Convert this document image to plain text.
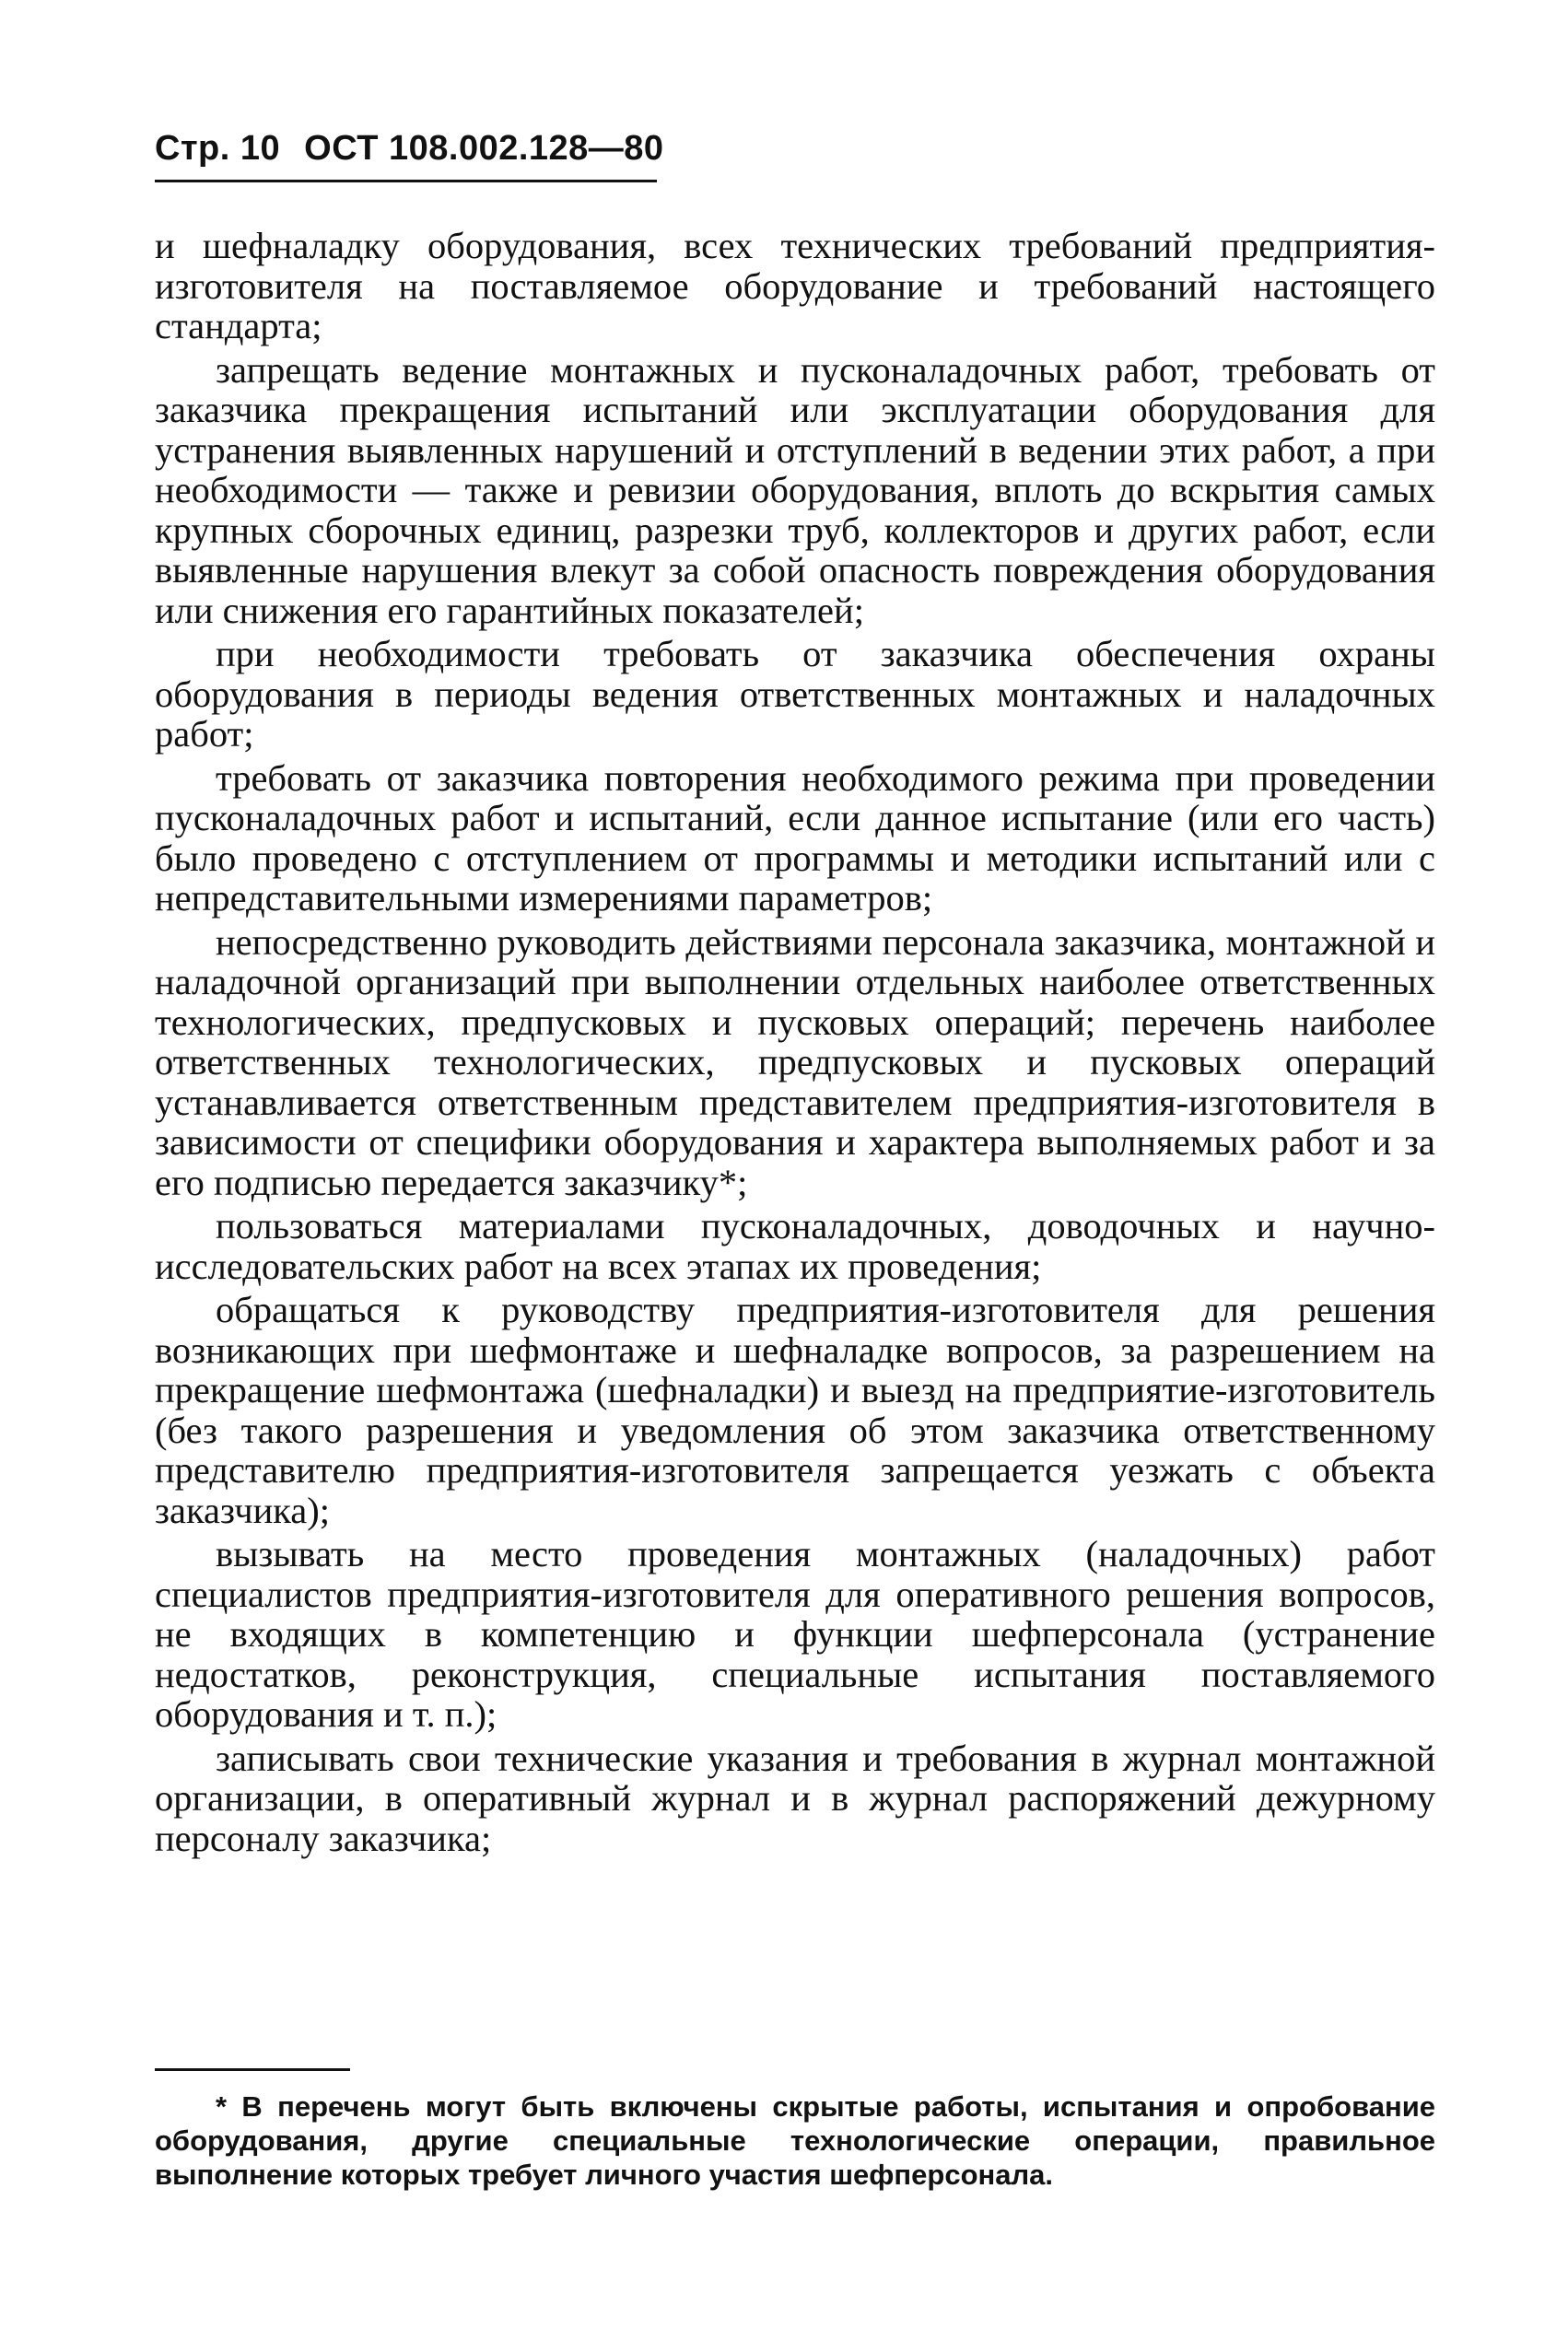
Стр. 10 ОСТ 108.002.128—80

и шефналадку оборудования, всех технических требований предприятия-изготовителя на поставляемое оборудование и требований настоящего стандарта;

запрещать ведение монтажных и пусконаладочных работ, требовать от заказчика прекращения испытаний или эксплуатации оборудования для устранения выявленных нарушений и отступлений в ведении этих работ, а при необходимости — также и ревизии оборудования, вплоть до вскрытия самых крупных сборочных единиц, разрезки труб, коллекторов и других работ, если выявленные нарушения влекут за собой опасность повреждения оборудования или снижения его гарантийных показателей;

при необходимости требовать от заказчика обеспечения охраны оборудования в периоды ведения ответственных монтажных и наладочных работ;

требовать от заказчика повторения необходимого режима при проведении пусконаладочных работ и испытаний, если данное испытание (или его часть) было проведено с отступлением от программы и методики испытаний или с непредставительными измерениями параметров;

непосредственно руководить действиями персонала заказчика, монтажной и наладочной организаций при выполнении отдельных наиболее ответственных технологических, предпусковых и пусковых операций; перечень наиболее ответственных технологических, предпусковых и пусковых операций устанавливается ответственным представителем предприятия-изготовителя в зависимости от специфики оборудования и характера выполняемых работ и за его подписью передается заказчику*;

пользоваться материалами пусконаладочных, доводочных и научно-исследовательских работ на всех этапах их проведения;

обращаться к руководству предприятия-изготовителя для решения возникающих при шефмонтаже и шефналадке вопросов, за разрешением на прекращение шефмонтажа (шефналадки) и выезд на предприятие-изготовитель (без такого разрешения и уведомления об этом заказчика ответственному представителю предприятия-изготовителя запрещается уезжать с объекта заказчика);

вызывать на место проведения монтажных (наладочных) работ специалистов предприятия-изготовителя для оперативного решения вопросов, не входящих в компетенцию и функции шефперсонала (устранение недостатков, реконструкция, специальные испытания поставляемого оборудования и т. п.);

записывать свои технические указания и требования в журнал монтажной организации, в оперативный журнал и в журнал распоряжений дежурному персоналу заказчика;

* В перечень могут быть включены скрытые работы, испытания и опробование оборудования, другие специальные технологические операции, правильное выполнение которых требует личного участия шефперсонала.
